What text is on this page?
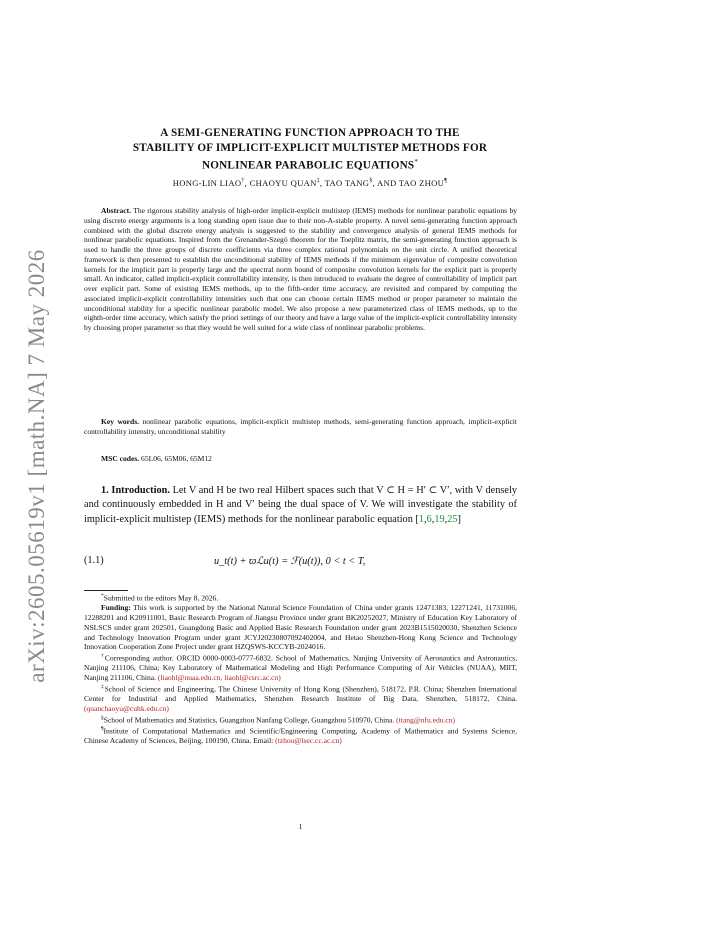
arXiv:2605.05619v1 [math.NA] 7 May 2026
A SEMI-GENERATING FUNCTION APPROACH TO THE
STABILITY OF IMPLICIT-EXPLICIT MULTISTEP METHODS FOR
NONLINEAR PARABOLIC EQUATIONS*
HONG-LIN LIAO†, CHAOYU QUAN‡, TAO TANG§, AND TAO ZHOU¶
Abstract. The rigorous stability analysis of high-order implicit-explicit multistep (IEMS) methods for nonlinear parabolic equations by using discrete energy arguments is a long standing open issue due to their non-A-stable property. A novel semi-generating function approach combined with the global discrete energy analysis is suggested to the stability and convergence analysis of general IEMS methods for nonlinear parabolic equations. Inspired from the Grenander-Szegö theorem for the Toeplitz matrix, the semi-generating function approach is used to handle the three groups of discrete coefficients via three complex rational polynomials on the unit circle. A unified theoretical framework is then presented to establish the unconditional stability of IEMS methods if the minimum eigenvalue of composite convolution kernels for the implicit part is properly large and the spectral norm bound of composite convolution kernels for the explicit part is properly small. An indicator, called implicit-explicit controllability intensity, is then introduced to evaluate the degree of controllability of implicit part over explicit part. Some of existing IEMS methods, up to the fifth-order time accuracy, are revisited and compared by computing the associated implicit-explicit controllability intensities such that one can choose certain IEMS method or proper parameter to maintain the unconditional stability for a specific nonlinear parabolic model. We also propose a new parameterized class of IEMS methods, up to the eighth-order time accuracy, which satisfy the priori settings of our theory and have a large value of the implicit-explicit controllability intensity by choosing proper parameter so that they would be well suited for a wide class of nonlinear parabolic problems.
Key words. nonlinear parabolic equations, implicit-explicit multistep methods, semi-generating function approach, implicit-explicit controllability intensity, unconditional stability
MSC codes. 65L06, 65M06, 65M12
1. Introduction. Let V and H be two real Hilbert spaces such that V ⊂ H = H′ ⊂ V′, with V densely and continuously embedded in H and V′ being the dual space of V. We will investigate the stability of implicit-explicit multistep (IEMS) methods for the nonlinear parabolic equation [1,6,19,25]
(1.1)	u_t(t) + ϖℒu(t) = ℱ(u(t)), 0 < t < T,
*Submitted to the editors May 8, 2026.
Funding: This work is supported by the National Natural Science Foundation of China under grants 12471383, 12271241, 11731006, 12288201 and K20911001, Basic Research Program of Jiangsu Province under grant BK20252027, Ministry of Education Key Laboratory of NSLSCS under grant 202501, Guangdong Basic and Applied Basic Research Foundation under grant 2023B1515020030, Shenzhen Science and Technology Innovation Program under grant JCYJ20230807092402004, and Hetao Shenzhen-Hong Kong Science and Technology Innovation Cooperation Zone Project under grant HZQSWS-KCCYB-2024016.
†Corresponding author. ORCID 0000-0003-0777-6832. School of Mathematics, Nanjing University of Aeronautics and Astronautics, Nanjing 211106, China; Key Laboratory of Mathematical Modeling and High Performance Computing of Air Vehicles (NUAA), MIIT, Nanjing 211106, China. (liaohl@nuaa.edu.cn, liaohl@csrc.ac.cn)
‡School of Science and Engineering, The Chinese University of Hong Kong (Shenzhen), 518172, P.R. China; Shenzhen International Center for Industrial and Applied Mathematics, Shenzhen Research Institute of Big Data, Shenzhen, 518172, China. (quanchaoyu@cuhk.edu.cn)
§School of Mathematics and Statistics, Guangzhou Nanfang College, Guangzhou 510970, China. (ttang@nfu.edu.cn)
¶Institute of Computational Mathematics and Scientific/Engineering Computing, Academy of Mathematics and Systems Science, Chinese Academy of Sciences, Beijing, 100190, China. Email: (tzhou@lsec.cc.ac.cn)
1
